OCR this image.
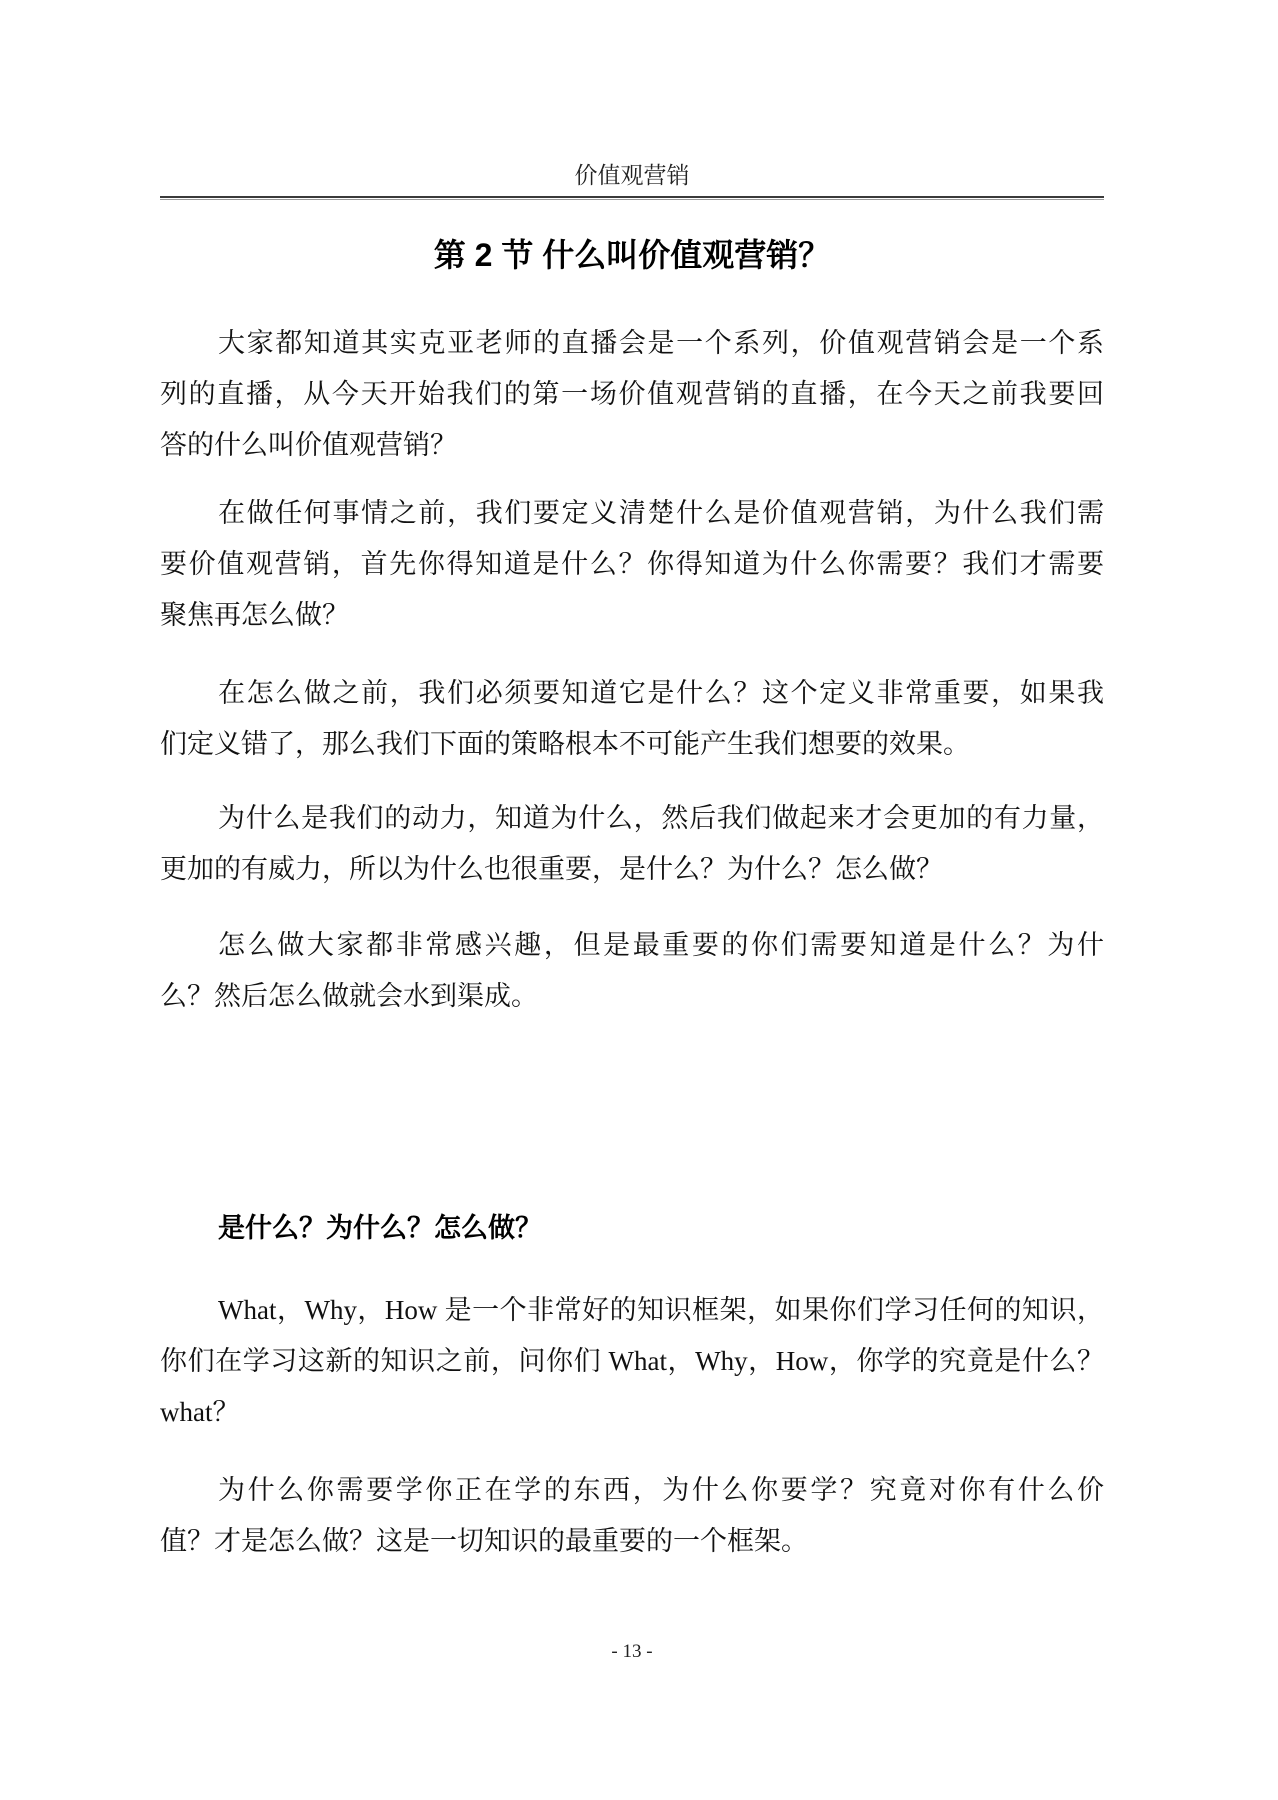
价值观营销
第 2 节 什么叫价值观营销？
大家都知道其实克亚老师的直播会是一个系列，价值观营销会是一个系
列的直播，从今天开始我们的第一场价值观营销的直播，在今天之前我要回
答的什么叫价值观营销？
在做任何事情之前，我们要定义清楚什么是价值观营销，为什么我们需
要价值观营销，首先你得知道是什么？你得知道为什么你需要？我们才需要
聚焦再怎么做？
在怎么做之前，我们必须要知道它是什么？这个定义非常重要，如果我
们定义错了，那么我们下面的策略根本不可能产生我们想要的效果。
为什么是我们的动力，知道为什么，然后我们做起来才会更加的有力量，
更加的有威力，所以为什么也很重要，是什么？为什么？怎么做？
怎么做大家都非常感兴趣，但是最重要的你们需要知道是什么？为什
么？然后怎么做就会水到渠成。
是什么？为什么？怎么做？
What，Why，How 是一个非常好的知识框架，如果你们学习任何的知识，
你们在学习这新的知识之前，问你们 What，Why，How，你学的究竟是什么？
what？
为什么你需要学你正在学的东西，为什么你要学？究竟对你有什么价
值？才是怎么做？这是一切知识的最重要的一个框架。
- 13 -
